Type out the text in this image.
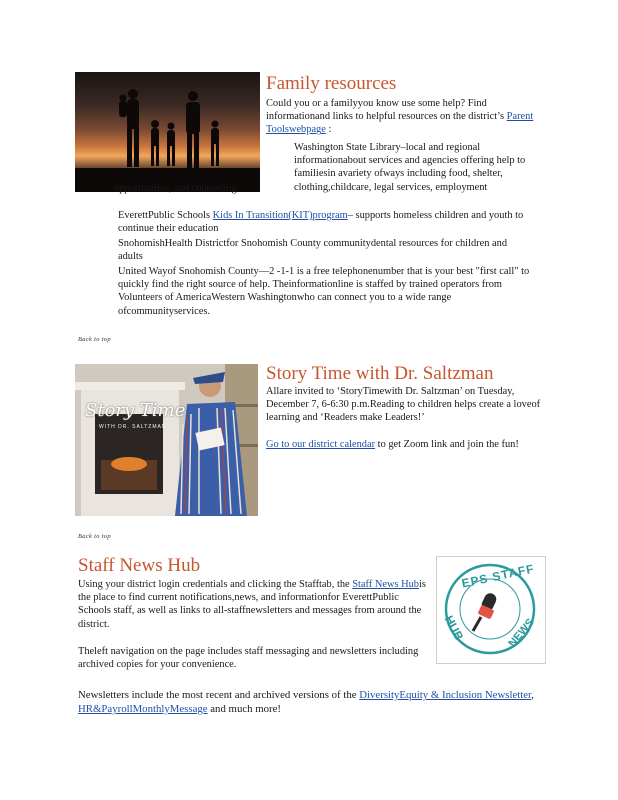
Family resources
Could you or a familyyou know use some help? Find informationand links to helpful resources on the district’s Parent Toolswebpage :
Washington State Library–local and regional informationabout services and agencies offering help to familiesin avariety ofways including food, shelter, clothing,childcare, legal services, employment
opportunities, and counseling
EverettPublic Schools Kids In Transition(KIT)program– supports homeless children and youth to continue their education
SnohomishHealth Districtfor Snohomish County communitydental resources for children and adults
United Wayof Snohomish County—2 -1-1 is a free telephonenumber that is your best "first call" to quickly find the right source of help. Theinformationline is staffed by trained operators from Volunteers of AmericaWestern Washingtonwho can connect you to a wide range ofcommunityservices.
Back to top
Story Time
WITH DR. SALTZMAN
Story Time with Dr. Saltzman
Allare invited to ‘StoryTimewith Dr. Saltzman’ on Tuesday, December 7, 6-6:30 p.m.Reading to children helps create a loveof learning and ‘Readers make Leaders!’
Go to our district calendar to get Zoom link and join the fun!
Back to top
Staff News Hub
Using your district login credentials and clicking the Stafftab, the Staff News Hubis the place to find current notifications,news, and informationfor EverettPublic Schools staff, as well as links to all-staffnewsletters and messages from around the district.
Theleft navigation on the page includes staff messaging and newsletters including archived copies for your convenience.
EPS STAFF
HUB	NEWS
Newsletters include the most recent and archived versions of the DiversityEquity & Inclusion Newsletter, HR&PayrollMonthlyMessage and much more!
